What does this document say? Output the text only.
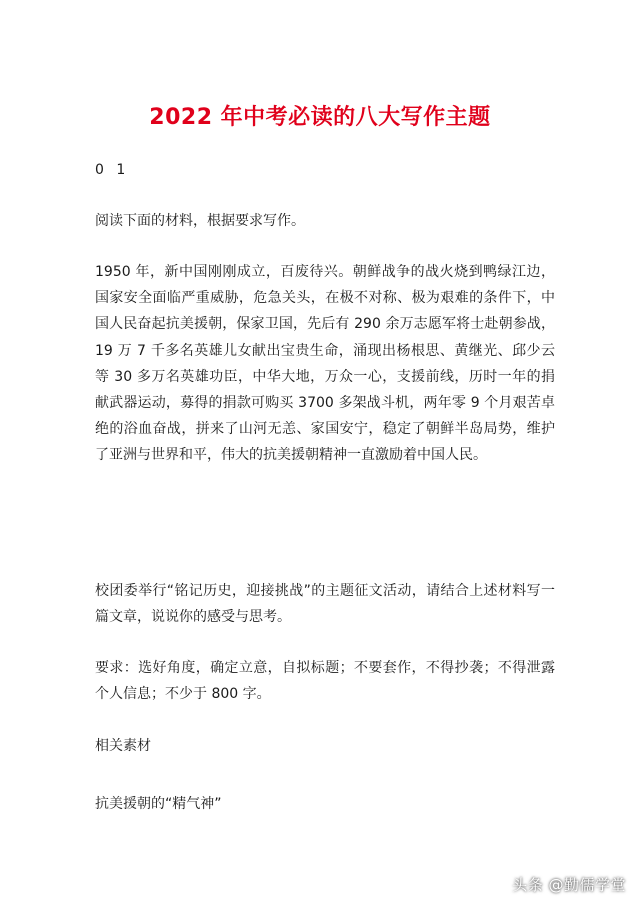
2022 年中考必读的八大写作主题
0 1

阅读下面的材料，根据要求写作。

1950 年，新中国刚刚成立，百废待兴。朝鲜战争的战火烧到鸭绿江边，国家安全面临严重威胁，危急关头，在极不对称、极为艰难的条件下，中国人民奋起抗美援朝，保家卫国，先后有 290 余万志愿军将士赴朝参战，19 万 7 千多名英雄儿女献出宝贵生命，涌现出杨根思、黄继光、邱少云等 30 多万名英雄功臣，中华大地，万众一心，支援前线，历时一年的捐献武器运动，募得的捐款可购买 3700 多架战斗机，两年零 9 个月艰苦卓绝的浴血奋战，拼来了山河无恙、家国安宁，稳定了朝鲜半岛局势，维护了亚洲与世界和平，伟大的抗美援朝精神一直激励着中国人民。

校团委举行“铭记历史，迎接挑战”的主题征文活动，请结合上述材料写一篇文章，说说你的感受与思考。

要求：选好角度，确定立意，自拟标题；不要套作，不得抄袭；不得泄露个人信息；不少于 800 字。

相关素材

抗美援朝的“精气神”

头条 @勤儒学堂
